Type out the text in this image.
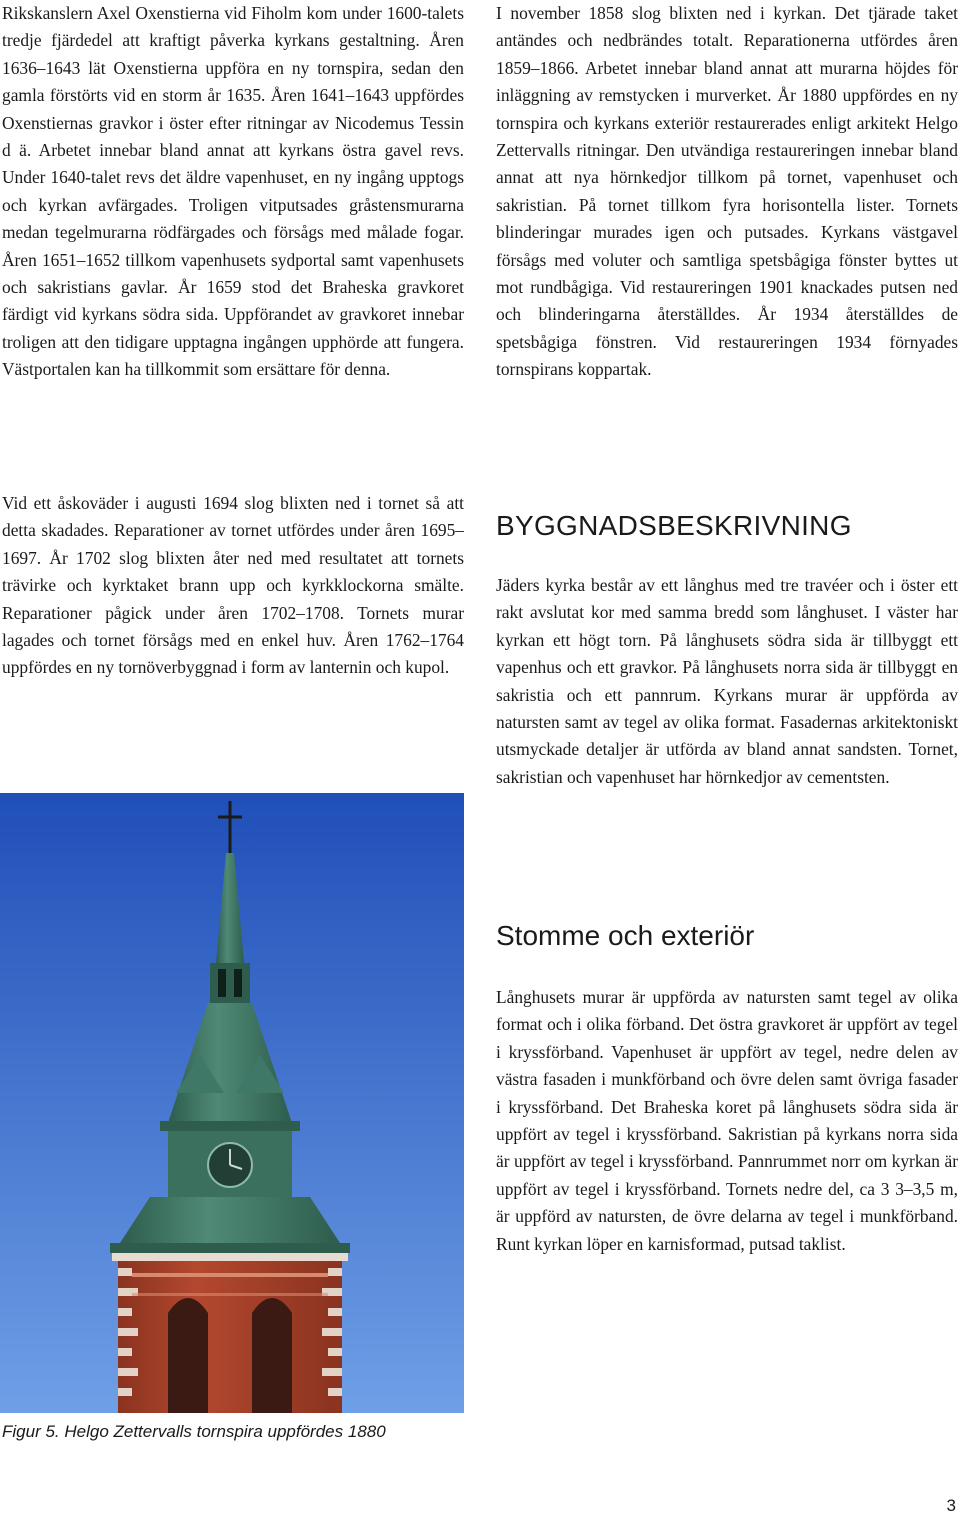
Rikskanslern Axel Oxenstierna vid Fiholm kom under 1600-talets tredje fjärdedel att kraftigt påverka kyrkans gestaltning. Åren 1636–1643 lät Oxenstierna uppföra en ny tornspira, sedan den gamla förstörts vid en storm år 1635. Åren 1641–1643 uppfördes Oxenstiernas gravkor i öster efter ritningar av Nicodemus Tessin d ä. Arbetet innebar bland annat att kyrkans östra gavel revs. Under 1640-talet revs det äldre vapenhuset, en ny ingång upptogs och kyrkan avfärgades. Troligen vitputsades gråstensmurarna medan tegelmurarna rödfärgades och försågs med målade fogar. Åren 1651–1652 tillkom vapenhusets sydportal samt vapenhusets och sakristians gavlar. År 1659 stod det Braheska gravkoret färdigt vid kyrkans södra sida. Uppförandet av gravkoret innebar troligen att den tidigare upptagna ingången upphörde att fungera. Västportalen kan ha tillkommit som ersättare för denna.

Vid ett åskoväder i augusti 1694 slog blixten ned i tornet så att detta skadades. Reparationer av tornet utfördes under åren 1695–1697. År 1702 slog blixten åter ned med resultatet att tornets trävirke och kyrktaket brann upp och kyrkklockorna smälte. Reparationer pågick under åren 1702–1708. Tornets murar lagades och tornet försågs med en enkel huv. Åren 1762–1764 uppfördes en ny tornöverbyggnad i form av lanternin och kupol.

I november 1858 slog blixten ned i kyrkan. Det tjärade taket antändes och nedbrändes totalt. Reparationerna utfördes åren 1859–1866. Arbetet innebar bland annat att murarna höjdes för inläggning av remstycken i murverket. År 1880 uppfördes en ny tornspira och kyrkans exteriör restaurerades enligt arkitekt Helgo Zettervalls ritningar. Den utvändiga restaureringen innebar bland annat att nya hörnkedjor tillkom på tornet, vapenhuset och sakristian. På tornet tillkom fyra horisontella lister. Tornets blinderingar murades igen och putsades. Kyrkans västgavel försågs med voluter och samtliga spetsbågiga fönster byttes ut mot rundbågiga. Vid restaureringen 1901 knackades putsen ned och blinderingarna återställdes. År 1934 återställdes de spetsbågiga fönstren. Vid restaureringen 1934 förnyades tornspirans koppartak.

BYGGNADSBESKRIVNING

Jäders kyrka består av ett långhus med tre travéer och i öster ett rakt avslutat kor med samma bredd som långhuset. I väster har kyrkan ett högt torn. På långhusets södra sida är tillbyggt ett vapenhus och ett gravkor. På långhusets norra sida är tillbyggt en sakristia och ett pannrum. Kyrkans murar är uppförda av natursten samt av tegel av olika format. Fasadernas arkitektoniskt utsmyckade detaljer är utförda av bland annat sandsten. Tornet, sakristian och vapenhuset har hörnkedjor av cementsten.

Stomme och exteriör

Långhusets murar är uppförda av natursten samt tegel av olika format och i olika förband. Det östra gravkoret är uppfört av tegel i kryssförband. Vapenhuset är uppfört av tegel, nedre delen av västra fasaden i munkförband och övre delen samt övriga fasader i kryssförband. Det Braheska koret på långhusets södra sida är uppfört av tegel i kryssförband. Sakristian på kyrkans norra sida är uppfört av tegel i kryssförband. Pannrummet norr om kyrkan är uppfört av tegel i kryssförband. Tornets nedre del, ca 3 3–3,5 m, är uppförd av natursten, de övre delarna av tegel i munkförband. Runt kyrkan löper en karnisformad, putsad taklist.

Figur 5. Helgo Zettervalls tornspira uppfördes 1880
3
